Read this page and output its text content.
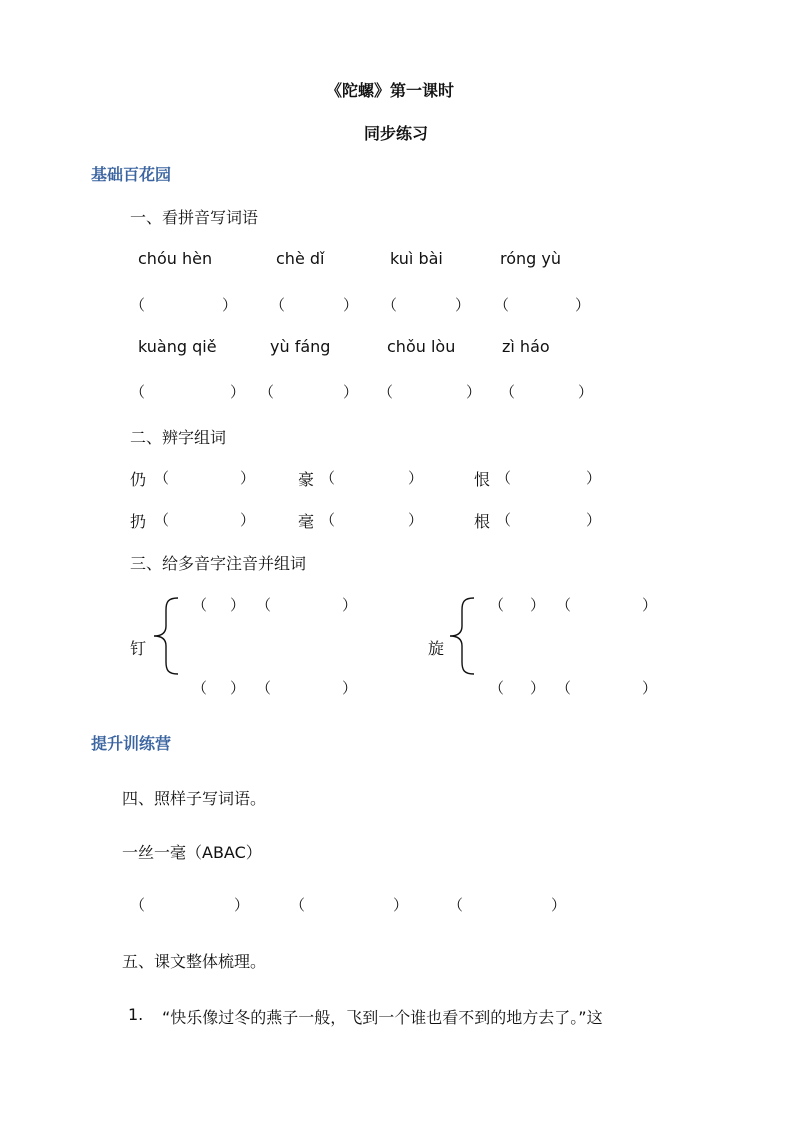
《陀螺》第一课时
同步练习
基础百花园
一、看拼音写词语
chóu hèn	chè dǐ	kuì bài	róng yù
（	） （	） （	） （	）
kuàng qiě	yù fáng	chǒu lòu	zì háo
（	） （	） （	） （	）
二、辨字组词
仍 （	）	豪 （	）	恨 （	）
扔 （	）	毫 （	）	根 （	）
三、给多音字注音并组词
钉
（ ） （	）
（ ） （	）
旋
（ ） （	）
（ ） （	）
提升训练营
四、照样子写词语。
一丝一毫（ABAC）
（	）	（	）	（	）
五、课文整体梳理。
1. “快乐像过冬的燕子一般，飞到一个谁也看不到的地方去了。”这
